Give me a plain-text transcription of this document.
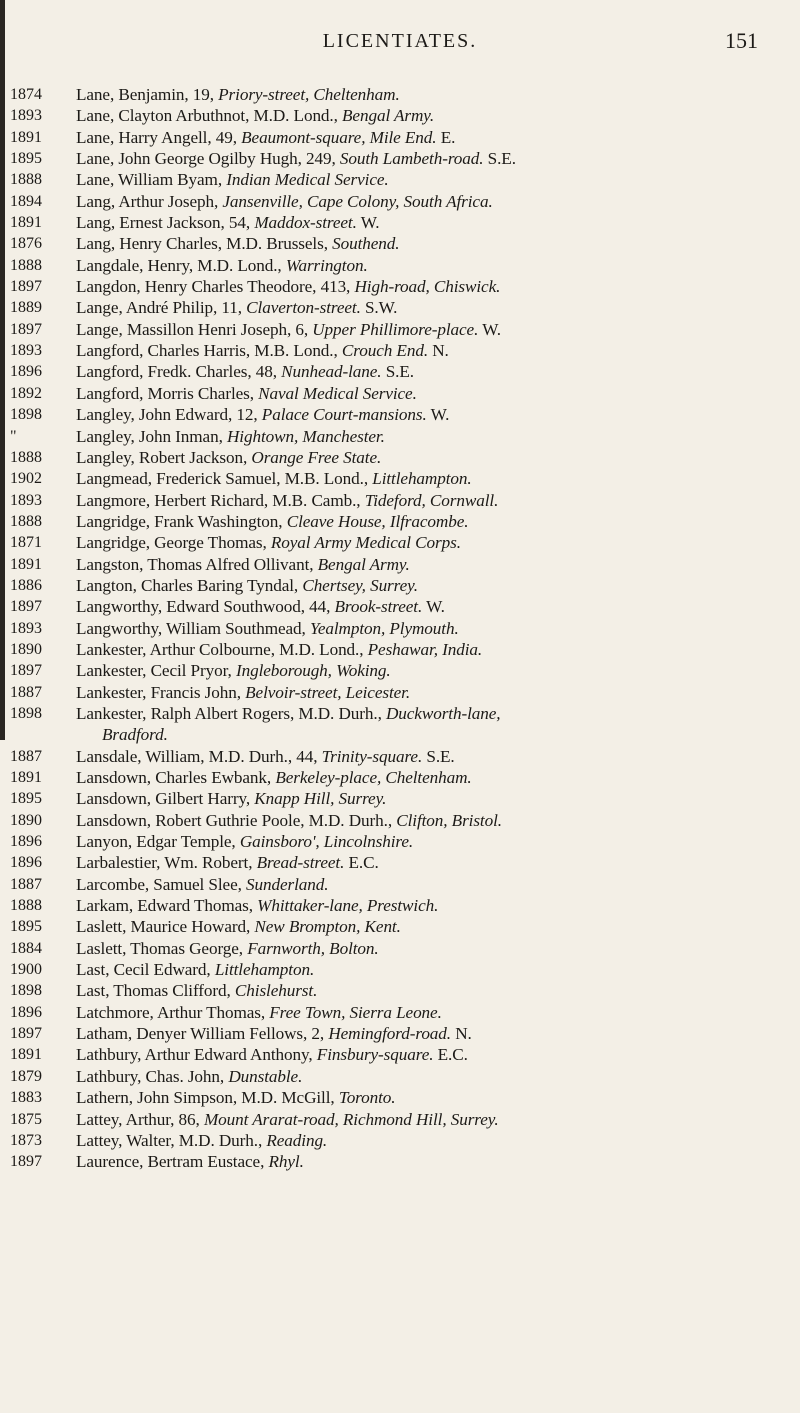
LICENTIATES.	151
1874	Lane, Benjamin, 19, Priory-street, Cheltenham.
1893	Lane, Clayton Arbuthnot, M.D. Lond., Bengal Army.
1891	Lane, Harry Angell, 49, Beaumont-square, Mile End. E.
1895	Lane, John George Ogilby Hugh, 249, South Lambeth-road. S.E.
1888	Lane, William Byam, Indian Medical Service.
1894	Lang, Arthur Joseph, Jansenville, Cape Colony, South Africa.
1891	Lang, Ernest Jackson, 54, Maddox-street. W.
1876	Lang, Henry Charles, M.D. Brussels, Southend.
1888	Langdale, Henry, M.D. Lond., Warrington.
1897	Langdon, Henry Charles Theodore, 413, High-road, Chiswick.
1889	Lange, André Philip, 11, Claverton-street. S.W.
1897	Lange, Massillon Henri Joseph, 6, Upper Phillimore-place. W.
1893	Langford, Charles Harris, M.B. Lond., Crouch End. N.
1896	Langford, Fredk. Charles, 48, Nunhead-lane. S.E.
1892	Langford, Morris Charles, Naval Medical Service.
1898	Langley, John Edward, 12, Palace Court-mansions. W.
"	Langley, John Inman, Hightown, Manchester.
1888	Langley, Robert Jackson, Orange Free State.
1902	Langmead, Frederick Samuel, M.B. Lond., Littlehampton.
1893	Langmore, Herbert Richard, M.B. Camb., Tideford, Cornwall.
1888	Langridge, Frank Washington, Cleave House, Ilfracombe.
1871	Langridge, George Thomas, Royal Army Medical Corps.
1891	Langston, Thomas Alfred Ollivant, Bengal Army.
1886	Langton, Charles Baring Tyndal, Chertsey, Surrey.
1897	Langworthy, Edward Southwood, 44, Brook-street. W.
1893	Langworthy, William Southmead, Yealmpton, Plymouth.
1890	Lankester, Arthur Colbourne, M.D. Lond., Peshawar, India.
1897	Lankester, Cecil Pryor, Ingleborough, Woking.
1887	Lankester, Francis John, Belvoir-street, Leicester.
1898	Lankester, Ralph Albert Rogers, M.D. Durh., Duckworth-lane,
Bradford.
1887	Lansdale, William, M.D. Durh., 44, Trinity-square. S.E.
1891	Lansdown, Charles Ewbank, Berkeley-place, Cheltenham.
1895	Lansdown, Gilbert Harry, Knapp Hill, Surrey.
1890	Lansdown, Robert Guthrie Poole, M.D. Durh., Clifton, Bristol.
1896	Lanyon, Edgar Temple, Gainsboro', Lincolnshire.
1896	Larbalestier, Wm. Robert, Bread-street. E.C.
1887	Larcombe, Samuel Slee, Sunderland.
1888	Larkam, Edward Thomas, Whittaker-lane, Prestwich.
1895	Laslett, Maurice Howard, New Brompton, Kent.
1884	Laslett, Thomas George, Farnworth, Bolton.
1900	Last, Cecil Edward, Littlehampton.
1898	Last, Thomas Clifford, Chislehurst.
1896	Latchmore, Arthur Thomas, Free Town, Sierra Leone.
1897	Latham, Denyer William Fellows, 2, Hemingford-road. N.
1891	Lathbury, Arthur Edward Anthony, Finsbury-square. E.C.
1879	Lathbury, Chas. John, Dunstable.
1883	Lathern, John Simpson, M.D. McGill, Toronto.
1875	Lattey, Arthur, 86, Mount Ararat-road, Richmond Hill, Surrey.
1873	Lattey, Walter, M.D. Durh., Reading.
1897	Laurence, Bertram Eustace, Rhyl.
